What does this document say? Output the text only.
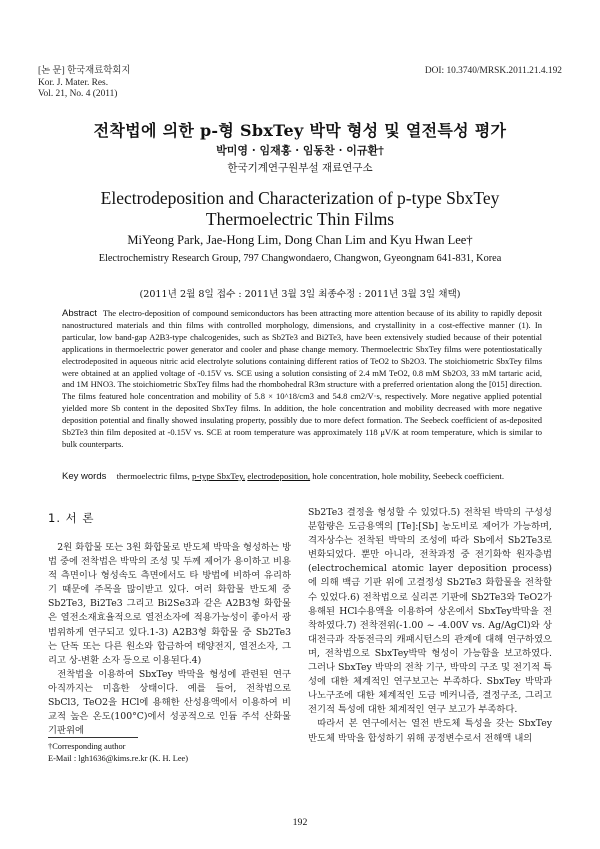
[논 문] 한국재료학회지
Kor. J. Mater. Res.
Vol. 21, No. 4 (2011)
DOI: 10.3740/MRSK.2011.21.4.192
전착법에 의한 p-형 SbxTey 박막 형성 및 열전특성 평가
박미영 · 임재홍 · 임동찬 · 이규환†
한국기계연구원부설 재료연구소
Electrodeposition and Characterization of p-type SbxTey
Thermoelectric Thin Films
MiYeong Park, Jae-Hong Lim, Dong Chan Lim and Kyu Hwan Lee†
Electrochemistry Research Group, 797 Changwondaero, Changwon, Gyeongnam 641-831, Korea
(2011년 2월 8일 접수 : 2011년 3월 3일 최종수정 : 2011년 3월 3일 채택)
Abstract The electro-deposition of compound semiconductors has been attracting more attention because of its ability to rapidly deposit nanostructured materials and thin films with controlled morphology, dimensions, and crystallinity in a cost-effective manner (1). In particular, low band-gap A2B3-type chalcogenides, such as Sb2Te3 and Bi2Te3, have been extensively studied because of their potential applications in thermoelectric power generator and cooler and phase change memory. Thermoelectric SbxTey films were potentiostatically electrodeposited in aqueous nitric acid electrolyte solutions containing different ratios of TeO2 to Sb2O3. The stoichiometric SbxTey films were obtained at an applied voltage of -0.15V vs. SCE using a solution consisting of 2.4 mM TeO2, 0.8 mM Sb2O3, 33 mM tartaric acid, and 1M HNO3. The stoichiometric SbxTey films had the rhombohedral R3m structure with a preferred orientation along the [015] direction. The films featured hole concentration and mobility of 5.8 × 10^18/cm3 and 54.8 cm2/V·s, respectively. More negative applied potential yielded more Sb content in the deposited SbxTey films. In addition, the hole concentration and mobility decreased with more negative deposition potential and finally showed insulating property, possibly due to more defect formation. The Seebeck coefficient of as-deposited Sb2Te3 thin film deposited at -0.15V vs. SCE at room temperature was approximately 118 μV/K at room temperature, which is similar to bulk counterparts.
Key words thermoelectric films, p-type SbxTey, electrodeposition, hole concentration, hole mobility, Seebeck coefficient.
1. 서 론

2원 화합물 또는 3원 화합물로 반도체 박막을 형성하는 방법 중에 전착법은 박막의 조성 및 두께 제어가 용이하고 비용적 측면이나 형성속도 측면에서도 타 방법에 비하여 유리하기 때문에 주목을 많이받고 있다. 여러 화합물 반도체 중 Sb2Te3, Bi2Te3 그리고 Bi2Se3과 같은 A2B3형 화합물은 열전소재효율적으로 열전소자에 적용가능성이 좋아서 광범위하게 연구되고 있다.1-3) A2B3형 화합물 중 Sb2Te3는 단독 또는 다른 원소와 합금하여 태양전지, 열전소자, 그리고 상-변환 소자 등으로 이용된다.4)

전착법을 이용하여 SbxTey 박막을 형성에 관련된 연구 아직까지는 미흡한 상태이다. 예를 들어, 전착법으로 SbCl3, TeO2을 HCl에 용해한 산성용액에서 이용하여 비교적 높은 온도(100°C)에서 성공적으로 인듐 주석 산화물 기판위에

Sb2Te3 결정을 형성할 수 있었다.5) 전착된 박막의 구성성분함량은 도금용액의 [Te]:[Sb] 농도비로 제어가 가능하며, 격자상수는 전착된 박막의 조성에 따라 Sb에서 Sb2Te3로 변화되었다. 뿐만 아니라, 전착과정 중 전기화학 원자층법(electrochemical atomic layer deposition process)에 의해 백금 기판 위에 고결정성 Sb2Te3 화합물을 전착할 수 있었다.6) 전착법으로 실리콘 기판에 Sb2Te3와 TeO2가 용해된 HCl수용액을 이용하여 상온에서 SbxTey박막을 전착하였다.7) 전착전위(-1.00 ~ -4.00V vs. Ag/AgCl)와 상대전극과 작동전극의 캐패시턴스의 관계에 대해 연구하였으며, 전착법으로 SbxTey박막 형성이 가능함을 보고하였다. 그러나 SbxTey 박막의 전착 기구, 박막의 구조 및 전기적 특성에 대한 체계적인 연구보고는 부족하다. SbxTey 박막과 나노구조에 대한 체계적인 도금 메커니즘, 결정구조, 그리고 전기적 특성에 대한 체계적인 연구 보고가 부족하다.

따라서 본 연구에서는 열전 반도체 특성을 갖는 SbxTey 반도체 박막을 합성하기 위해 공정변수로서 전해액 내의

†Corresponding author
E-Mail : lgh1636@kims.re.kr (K. H. Lee)
192
